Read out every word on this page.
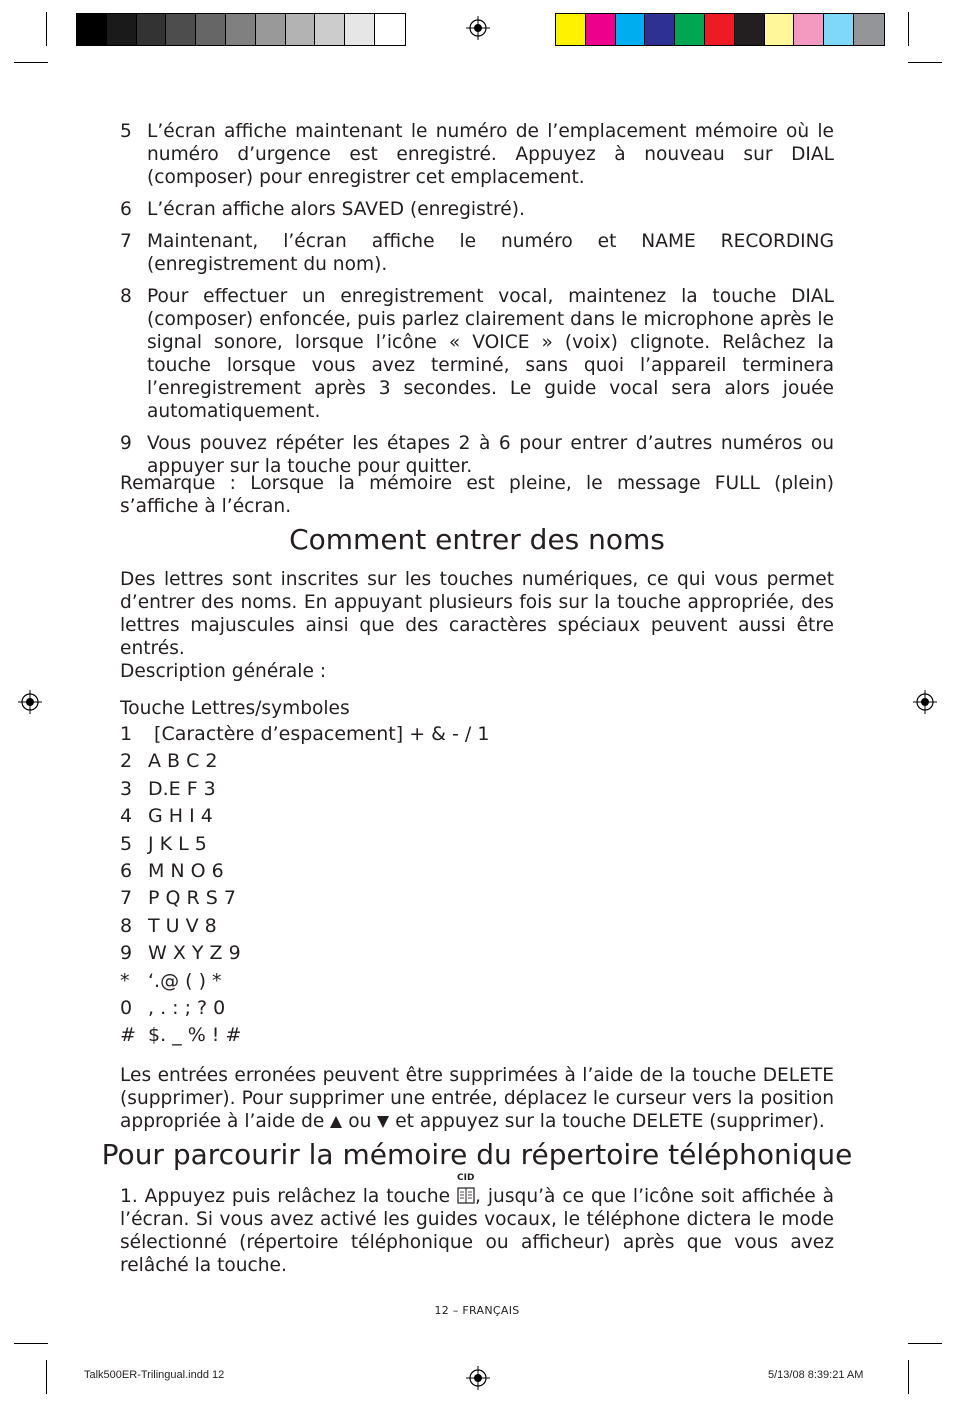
5 L’écran affiche maintenant le numéro de l’emplacement mémoire où le numéro d’urgence est enregistré. Appuyez à nouveau sur DIAL (composer) pour enregistrer cet emplacement.
6 L’écran affiche alors SAVED (enregistré).
7 Maintenant, l’écran affiche le numéro et NAME RECORDING (enregistrement du nom).
8 Pour effectuer un enregistrement vocal, maintenez la touche DIAL (composer) enfoncée, puis parlez clairement dans le microphone après le signal sonore, lorsque l’icône « VOICE » (voix) clignote. Relâchez la touche lorsque vous avez terminé, sans quoi l’appareil terminera l’enregistrement après 3 secondes. Le guide vocal sera alors jouée automatiquement.
9 Vous pouvez répéter les étapes 2 à 6 pour entrer d’autres numéros ou appuyer sur la touche pour quitter.
Remarque : Lorsque la mémoire est pleine, le message FULL (plein) s’affiche à l’écran.
Comment entrer des noms
Des lettres sont inscrites sur les touches numériques, ce qui vous permet d’entrer des noms. En appuyant plusieurs fois sur la touche appropriée, des lettres majuscules ainsi que des caractères spéciaux peuvent aussi être entrés.
Description générale :
Touche Lettres/symboles
1 [Caractère d’espacement] + & - / 1
2 A B C 2
3 D.E F 3
4 G H I 4
5 J K L 5
6 M N O 6
7 P Q R S 7
8 T U V 8
9 W X Y Z 9
* ‘.@ ( ) *
0 , . : ; ? 0
# $. _ % ! #
Les entrées erronées peuvent être supprimées à l’aide de la touche DELETE (supprimer). Pour supprimer une entrée, déplacez le curseur vers la position appropriée à l’aide de ou et appuyez sur la touche DELETE (supprimer).
Pour parcourir la mémoire du répertoire téléphonique
1. Appuyez puis relâchez la touche
CID
, jusqu’à ce que l’icône soit affichée à l’écran. Si vous avez activé les guides vocaux, le téléphone dictera le mode sélectionné (répertoire téléphonique ou afficheur) après que vous avez relâché la touche.
12 – FRANÇAIS
Talk500ER-Trilingual.indd 12	5/13/08 8:39:21 AM
